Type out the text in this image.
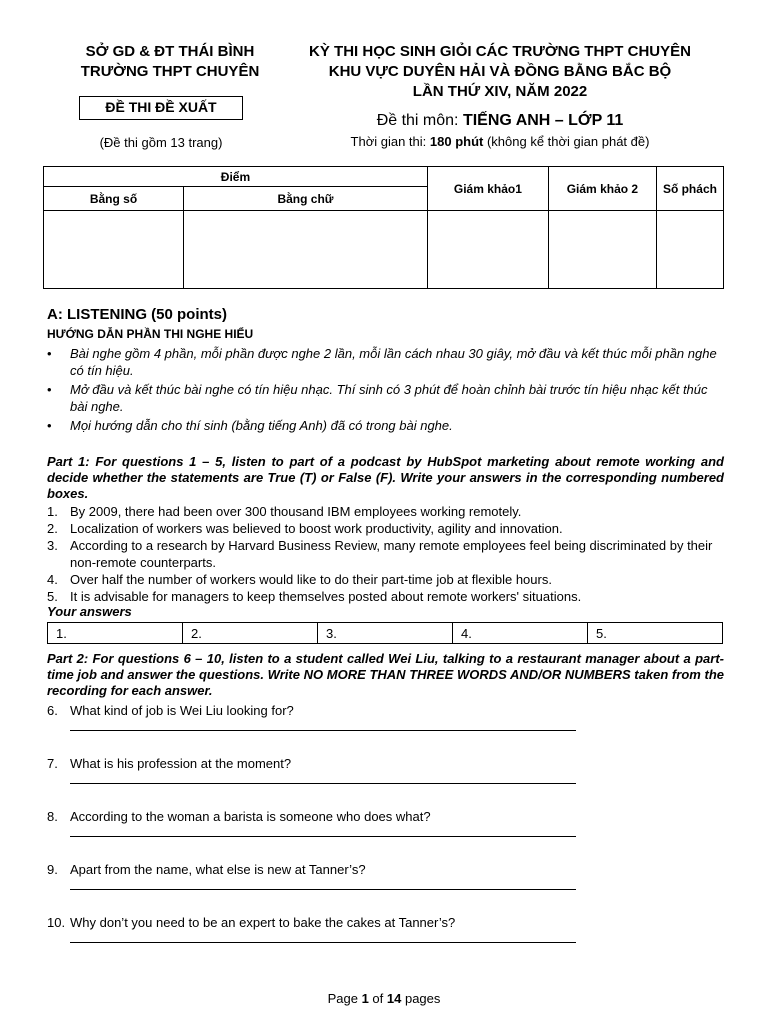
SỞ GD & ĐT THÁI BÌNH
TRƯỜNG THPT CHUYÊN
ĐỀ THI ĐỀ XUẤT
(Đề thi gồm 13 trang)
KỲ THI HỌC SINH GIỎI CÁC TRƯỜNG THPT CHUYÊN
KHU VỰC DUYÊN HẢI VÀ ĐỒNG BẰNG BẮC BỘ
LẦN THỨ XIV, NĂM 2022
Đề thi môn: TIẾNG ANH – LỚP 11
Thời gian thi: 180 phút (không kể thời gian phát đề)
Điểm		Giám khảo1	Giám khảo 2	Số phách
Bằng số	Bằng chữ			

A: LISTENING (50 points)
HƯỚNG DẪN PHẦN THI NGHE HIỂU
• Bài nghe gồm 4 phần, mỗi phần được nghe 2 lần, mỗi lần cách nhau 30 giây, mở đầu và kết thúc mỗi phần nghe có tín hiệu.
• Mở đầu và kết thúc bài nghe có tín hiệu nhạc. Thí sinh có 3 phút để hoàn chỉnh bài trước tín hiệu nhạc kết thúc bài nghe.
• Mọi hướng dẫn cho thí sinh (bằng tiếng Anh) đã có trong bài nghe.
Part 1: For questions 1 – 5, listen to part of a podcast by HubSpot marketing about remote working and decide whether the statements are True (T) or False (F). Write your answers in the corresponding numbered boxes.
1. By 2009, there had been over 300 thousand IBM employees working remotely.
2. Localization of workers was believed to boost work productivity, agility and innovation.
3. According to a research by Harvard Business Review, many remote employees feel being discriminated by their non-remote counterparts.
4. Over half the number of workers would like to do their part-time job at flexible hours.
5. It is advisable for managers to keep themselves posted about remote workers' situations.
Your answers
1.	2.	3.	4.	5.
Part 2: For questions 6 – 10, listen to a student called Wei Liu, talking to a restaurant manager about a part-time job and answer the questions. Write NO MORE THAN THREE WORDS AND/OR NUMBERS taken from the recording for each answer.
6. What kind of job is Wei Liu looking for?
7. What is his profession at the moment?
8. According to the woman a barista is someone who does what?
9. Apart from the name, what else is new at Tanner’s?
10. Why don’t you need to be an expert to bake the cakes at Tanner’s?
Page 1 of 14 pages
